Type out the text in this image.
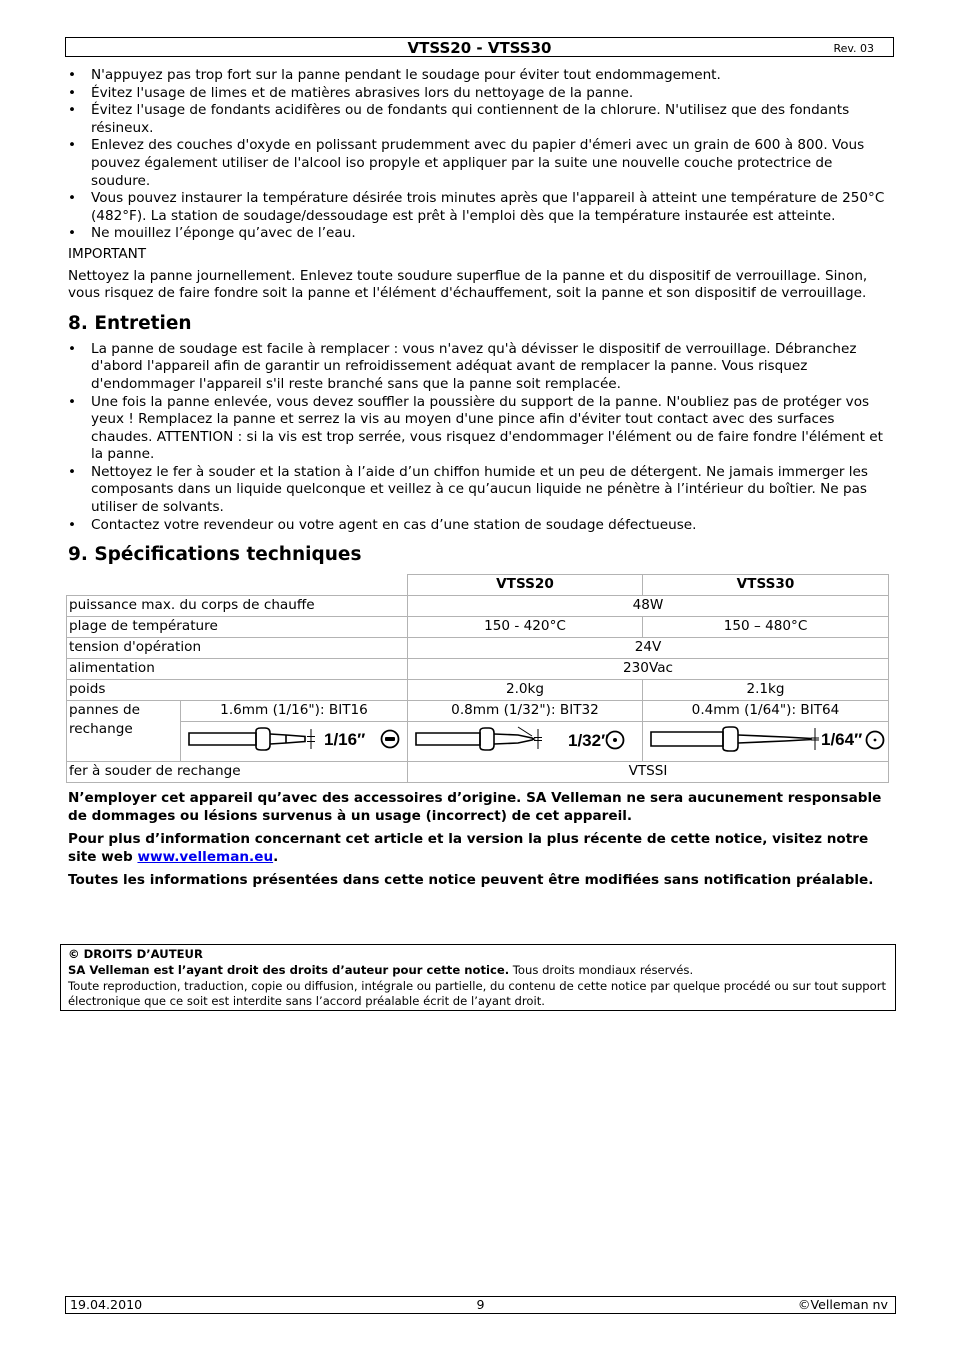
VTSS20 - VTSS30	Rev. 03
• N'appuyez pas trop fort sur la panne pendant le soudage pour éviter tout endommagement.
• Évitez l'usage de limes et de matières abrasives lors du nettoyage de la panne.
• Évitez l'usage de fondants acidifères ou de fondants qui contiennent de la chlorure. N'utilisez que des fondants résineux.
• Enlevez des couches d'oxyde en polissant prudemment avec du papier d'émeri avec un grain de 600 à 800. Vous pouvez également utiliser de l'alcool iso propyle et appliquer par la suite une nouvelle couche protectrice de soudure.
• Vous pouvez instaurer la température désirée trois minutes après que l'appareil à atteint une température de 250°C (482°F). La station de soudage/dessoudage est prêt à l'emploi dès que la température instaurée est atteinte.
• Ne mouillez l’éponge qu’avec de l’eau.

IMPORTANT

Nettoyez la panne journellement. Enlevez toute soudure superflue de la panne et du dispositif de verrouillage. Sinon, vous risquez de faire fondre soit la panne et l'élément d'échauffement, soit la panne et son dispositif de verrouillage.

8. Entretien
• La panne de soudage est facile à remplacer : vous n'avez qu'à dévisser le dispositif de verrouillage. Débranchez d'abord l'appareil afin de garantir un refroidissement adéquat avant de remplacer la panne. Vous risquez d'endommager l'appareil s'il reste branché sans que la panne soit remplacée.
• Une fois la panne enlevée, vous devez souffler la poussière du support de la panne. N'oubliez pas de protéger vos yeux ! Remplacez la panne et serrez la vis au moyen d'une pince afin d'éviter tout contact avec des surfaces chaudes. ATTENTION : si la vis est trop serrée, vous risquez d'endommager l'élément ou de faire fondre l'élément et la panne.
• Nettoyez le fer à souder et la station à l’aide d’un chiffon humide et un peu de détergent. Ne jamais immerger les composants dans un liquide quelconque et veillez à ce qu’aucun liquide ne pénètre à l’intérieur du boîtier. Ne pas utiliser de solvants.
• Contactez votre revendeur ou votre agent en cas d’une station de soudage défectueuse.
9. Spécifications techniques
		VTSS20	VTSS30
puissance max. du corps de chauffe		48W	
plage de température		150 - 420°C	150 – 480°C
tension d'opération		24V	
alimentation		230Vac	
poids		2.0kg	2.1kg
pannes de rechange	1.6mm (1/16"): BIT16	0.8mm (1/32"): BIT32	0.4mm (1/64"): BIT64

1/16″	1/32″	1/64″

fer à souder de rechange		VTSSI	

N’employer cet appareil qu’avec des accessoires d’origine. SA Velleman ne sera aucunement responsable de dommages ou lésions survenus à un usage (incorrect) de cet appareil.

Pour plus d’information concernant cet article et la version la plus récente de cette notice, visitez notre site web www.velleman.eu.

Toutes les informations présentées dans cette notice peuvent être modifiées sans notification préalable.

© DROITS D’AUTEUR
SA Velleman est l’ayant droit des droits d’auteur pour cette notice. Tous droits mondiaux réservés.
Toute reproduction, traduction, copie ou diffusion, intégrale ou partielle, du contenu de cette notice par quelque procédé ou sur tout support électronique que ce soit est interdite sans l’accord préalable écrit de l’ayant droit.
19.04.2010	9	©Velleman nv
